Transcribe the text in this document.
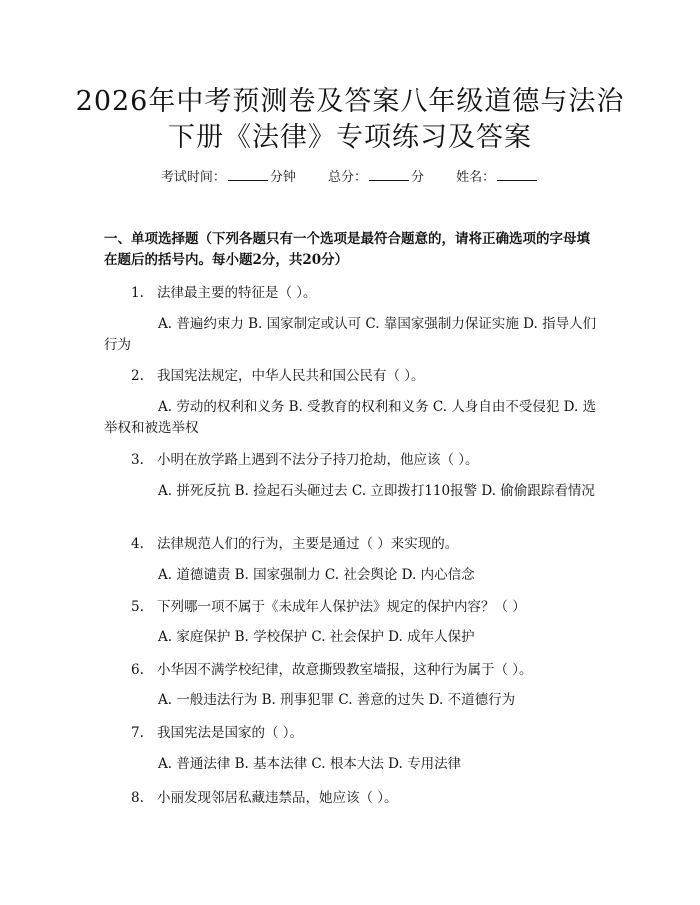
2026年中考预测卷及答案八年级道德与法治
下册《法律》专项练习及答案
考试时间：	分钟 总分：	分 姓名：

一、单项选择题（下列各题只有一个选项是最符合题意的，请将正确选项的字母填在题后的括号内。每小题2分，共20分）

1. 法律最主要的特征是（ ）。

A. 普遍约束力 B. 国家制定或认可 C. 靠国家强制力保证实施 D. 指导人们行为

2. 我国宪法规定，中华人民共和国公民有（ ）。

A. 劳动的权利和义务 B. 受教育的权利和义务 C. 人身自由不受侵犯 D. 选举权和被选举权

3. 小明在放学路上遇到不法分子持刀抢劫，他应该（ ）。

A. 拼死反抗 B. 捡起石头砸过去 C. 立即拨打110报警 D. 偷偷跟踪看情况

4. 法律规范人们的行为，主要是通过（ ）来实现的。

A. 道德谴责 B. 国家强制力 C. 社会舆论 D. 内心信念

5. 下列哪一项不属于《未成年人保护法》规定的保护内容？（ ）

A. 家庭保护 B. 学校保护 C. 社会保护 D. 成年人保护

6. 小华因不满学校纪律，故意撕毁教室墙报，这种行为属于（ ）。

A. 一般违法行为 B. 刑事犯罪 C. 善意的过失 D. 不道德行为

7. 我国宪法是国家的（ ）。

A. 普通法律 B. 基本法律 C. 根本大法 D. 专用法律

8. 小丽发现邻居私藏违禁品，她应该（ ）。
